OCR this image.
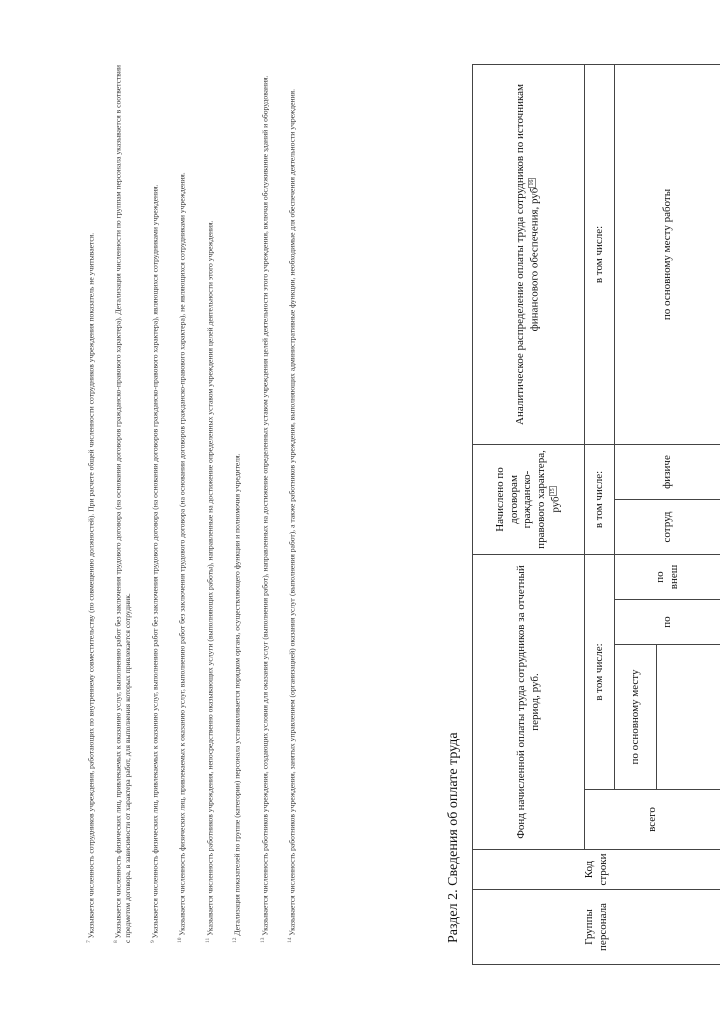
$^7$ Указывается численность сотрудников учреждения, работающих по внутреннему совместительству (по совмещению должностей). При расчете общей численности сотрудников учреждения показатель не учитывается.

$^8$ Указывается численность физических лиц, привлекаемых к оказанию услуг, выполнению работ без заключения трудового договора (на основании договоров гражданско-правового характера). Детализация численности по группам персонала указывается в соответствии с предметом договора, в зависимости от характера работ, для выполнения которых привлекается сотрудник.	$^9$ Указывается численность физических лиц, привлекаемых к оказанию услуг, выполнению работ без заключения трудового договора (на основании договоров гражданско-правового характера), являющихся сотрудниками учреждения.

$^{10}$ Указывается численность физических лиц, привлекаемых к оказанию услуг, выполнению работ без заключения трудового договора (на основании договоров гражданско-правового характера), не являющихся сотрудниками учреждения.

$^{11}$ Указывается численность работников учреждения, непосредственно оказывающих услуги (выполняющих работы), направленные на достижение определенных уставом учреждения целей деятельности этого учреждения.

$^{12}$ Детализация показателей по группе (категории) персонала устанавливается порядком органа, осуществляющего функции и полномочия учредителя.

$^{13}$ Указывается численность работников учреждения, создающих условия для оказания услуг (выполнения работ), направленных на достижение определенных уставом учреждения целей деятельности этого учреждения, включая обслуживание зданий и оборудования.

$^{14}$ Указывается численность работников учреждения, занятых управлением (организацией) оказания услуг (выполнения работ), а также работников учреждения, выполняющих административные функции, необходимые для обеспечения деятельности учреждения.	Раздел 2. Сведения об оплате труда	Группы персонала	Код строки	Фонд начисленной оплаты труда сотрудников за отчетный период, руб.				Начислено по договорам гражданско-правового характера, руб15		Аналитическое распределение оплаты труда сотрудников по источникам финансового обеспечения, руб16
		всего	в том числе:			в том числе:		в том числе:
			по основному месту	по	по внеш	сотруд	физиче	по основному месту работы
